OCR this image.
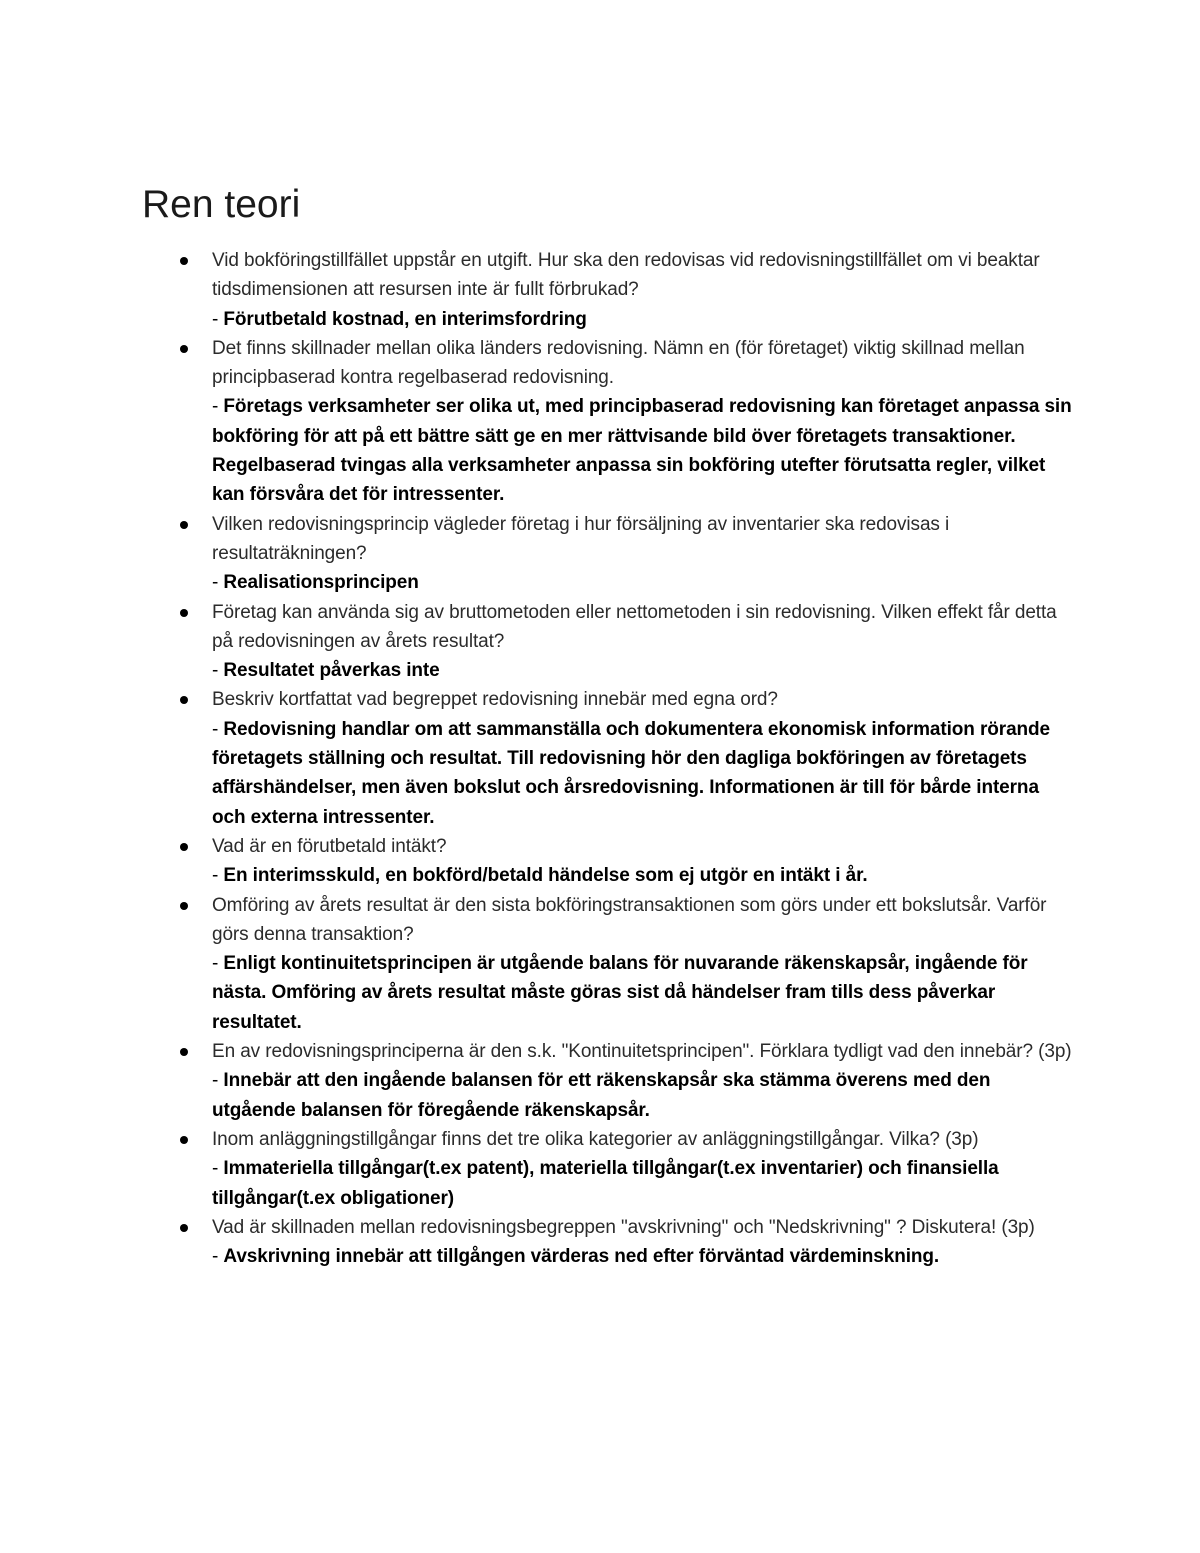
Ren teori

Vid bokföringstillfället uppstår en utgift. Hur ska den redovisas vid redovisningstillfället om vi beaktar tidsdimensionen att resursen inte är fullt förbrukad?

- Förutbetald kostnad, en interimsfordring

Det finns skillnader mellan olika länders redovisning. Nämn en (för företaget) viktig skillnad mellan principbaserad kontra regelbaserad redovisning.

- Företags verksamheter ser olika ut, med principbaserad redovisning kan företaget anpassa sin bokföring för att på ett bättre sätt ge en mer rättvisande bild över företagets transaktioner. Regelbaserad tvingas alla verksamheter anpassa sin bokföring utefter förutsatta regler, vilket kan försvåra det för intressenter.

Vilken redovisningsprincip vägleder företag i hur försäljning av inventarier ska redovisas i resultaträkningen?

- Realisationsprincipen

Företag kan använda sig av bruttometoden eller nettometoden i sin redovisning. Vilken effekt får detta på redovisningen av årets resultat?

- Resultatet påverkas inte

Beskriv kortfattat vad begreppet redovisning innebär med egna ord?

- Redovisning handlar om att sammanställa och dokumentera ekonomisk information rörande företagets ställning och resultat. Till redovisning hör den dagliga bokföringen av företagets affärshändelser, men även bokslut och årsredovisning. Informationen är till för bårde interna och externa intressenter.

Vad är en förutbetald intäkt?

- En interimsskuld, en bokförd/betald händelse som ej utgör en intäkt i år.

Omföring av årets resultat är den sista bokföringstransaktionen som görs under ett bokslutsår. Varför görs denna transaktion?

- Enligt kontinuitetsprincipen är utgående balans för nuvarande räkenskapsår, ingående för nästa. Omföring av årets resultat måste göras sist då händelser fram tills dess påverkar resultatet.

En av redovisningsprinciperna är den s.k. "Kontinuitetsprincipen". Förklara tydligt vad den innebär? (3p)

- Innebär att den ingående balansen för ett räkenskapsår ska stämma överens med den utgående balansen för föregående räkenskapsår.

Inom anläggningstillgångar finns det tre olika kategorier av anläggningstillgångar. Vilka? (3p)

- Immateriella tillgångar(t.ex patent), materiella tillgångar(t.ex inventarier) och finansiella tillgångar(t.ex obligationer)

Vad är skillnaden mellan redovisningsbegreppen "avskrivning" och "Nedskrivning" ? Diskutera! (3p)

- Avskrivning innebär att tillgången värderas ned efter förväntad värdeminskning.
